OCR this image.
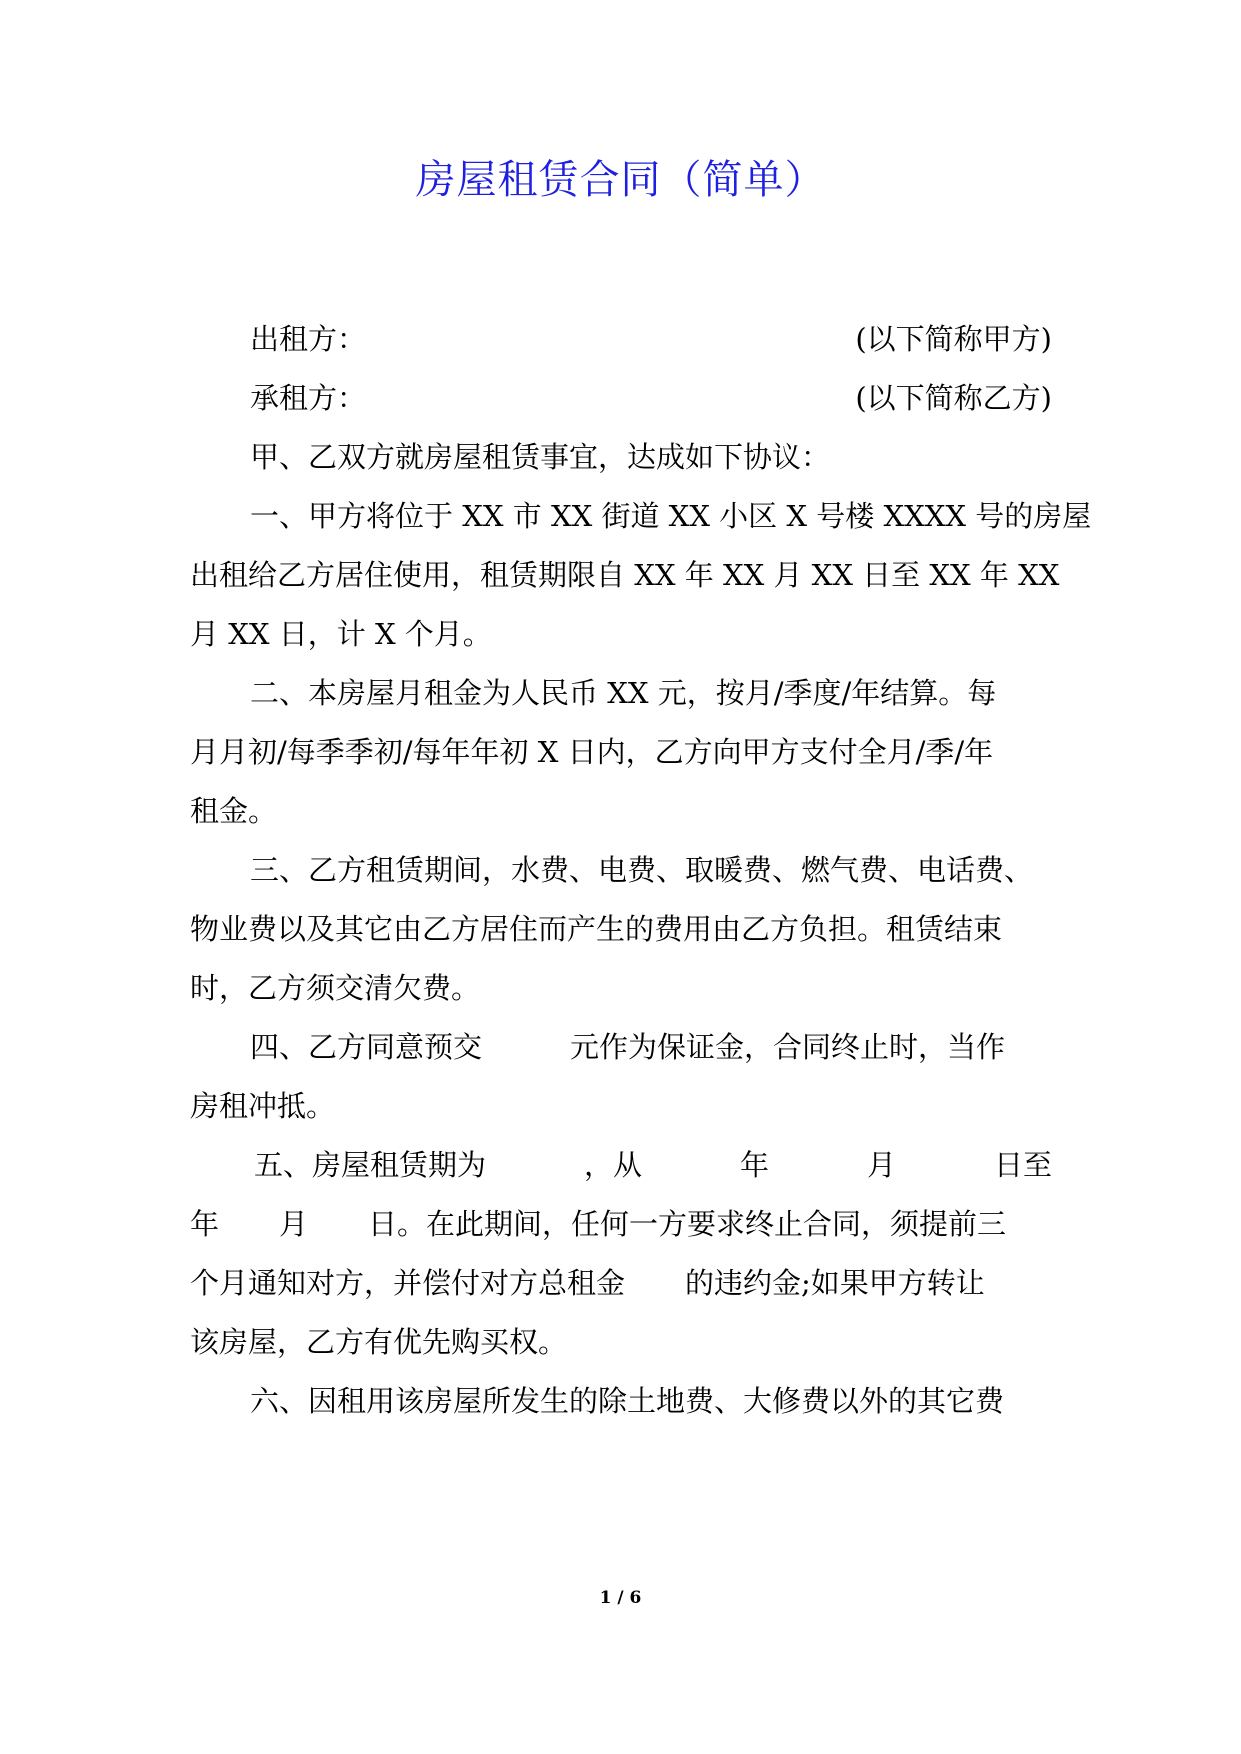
房屋租赁合同（简单）
出租方：	(以下简称甲方)
承租方：	(以下简称乙方)
甲、乙双方就房屋租赁事宜，达成如下协议：
一、甲方将位于 XX 市 XX 街道 XX 小区 X 号楼 XXXX 号的房屋
出租给乙方居住使用，租赁期限自 XX 年 XX 月 XX 日至 XX 年 XX
月 XX 日，计 X 个月。
二、本房屋月租金为人民币 XX 元，按月/季度/年结算。每
月月初/每季季初/每年年初 X 日内，乙方向甲方支付全月/季/年
租金。
三、乙方租赁期间，水费、电费、取暖费、燃气费、电话费、
物业费以及其它由乙方居住而产生的费用由乙方负担。租赁结束
时，乙方须交清欠费。
四、乙方同意预交	元作为保证金，合同终止时，当作
房租冲抵。
五、房屋租赁期为	，从	年	月	日至
年 月 日。在此期间，任何一方要求终止合同，须提前三
个月通知对方，并偿付对方总租金 的违约金;如果甲方转让
该房屋，乙方有优先购买权。
六、因租用该房屋所发生的除土地费、大修费以外的其它费
1 / 6
